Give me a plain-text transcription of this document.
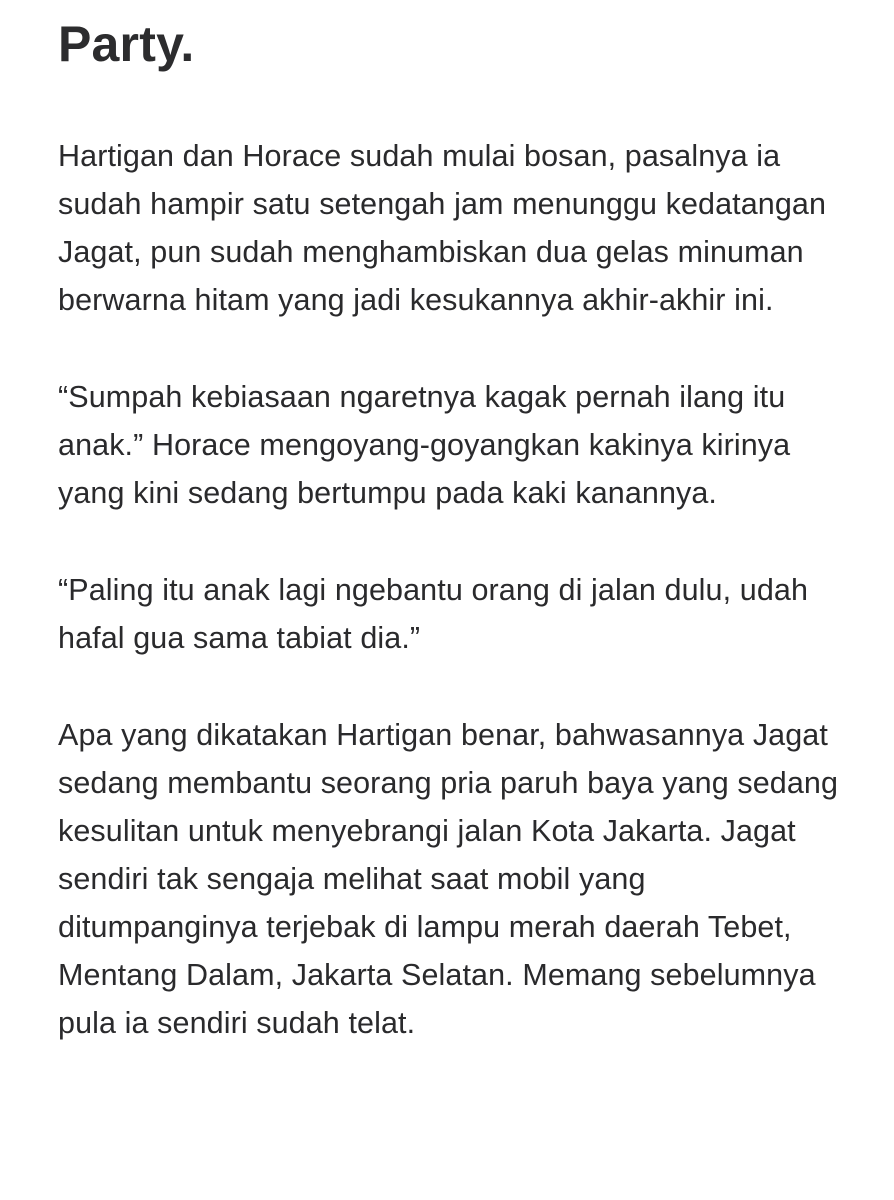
Party.

Hartigan dan Horace sudah mulai bosan, pasalnya ia sudah hampir satu setengah jam menunggu kedatangan Jagat, pun sudah menghambiskan dua gelas minuman berwarna hitam yang jadi kesukannya akhir-akhir ini.

“Sumpah kebiasaan ngaretnya kagak pernah ilang itu anak.” Horace mengoyang-goyangkan kakinya kirinya yang kini sedang bertumpu pada kaki kanannya.

“Paling itu anak lagi ngebantu orang di jalan dulu, udah hafal gua sama tabiat dia.”

Apa yang dikatakan Hartigan benar, bahwasannya Jagat sedang membantu seorang pria paruh baya yang sedang kesulitan untuk menyebrangi jalan Kota Jakarta. Jagat sendiri tak sengaja melihat saat mobil yang ditumpanginya terjebak di lampu merah daerah Tebet, Mentang Dalam, Jakarta Selatan. Memang sebelumnya pula ia sendiri sudah telat.
